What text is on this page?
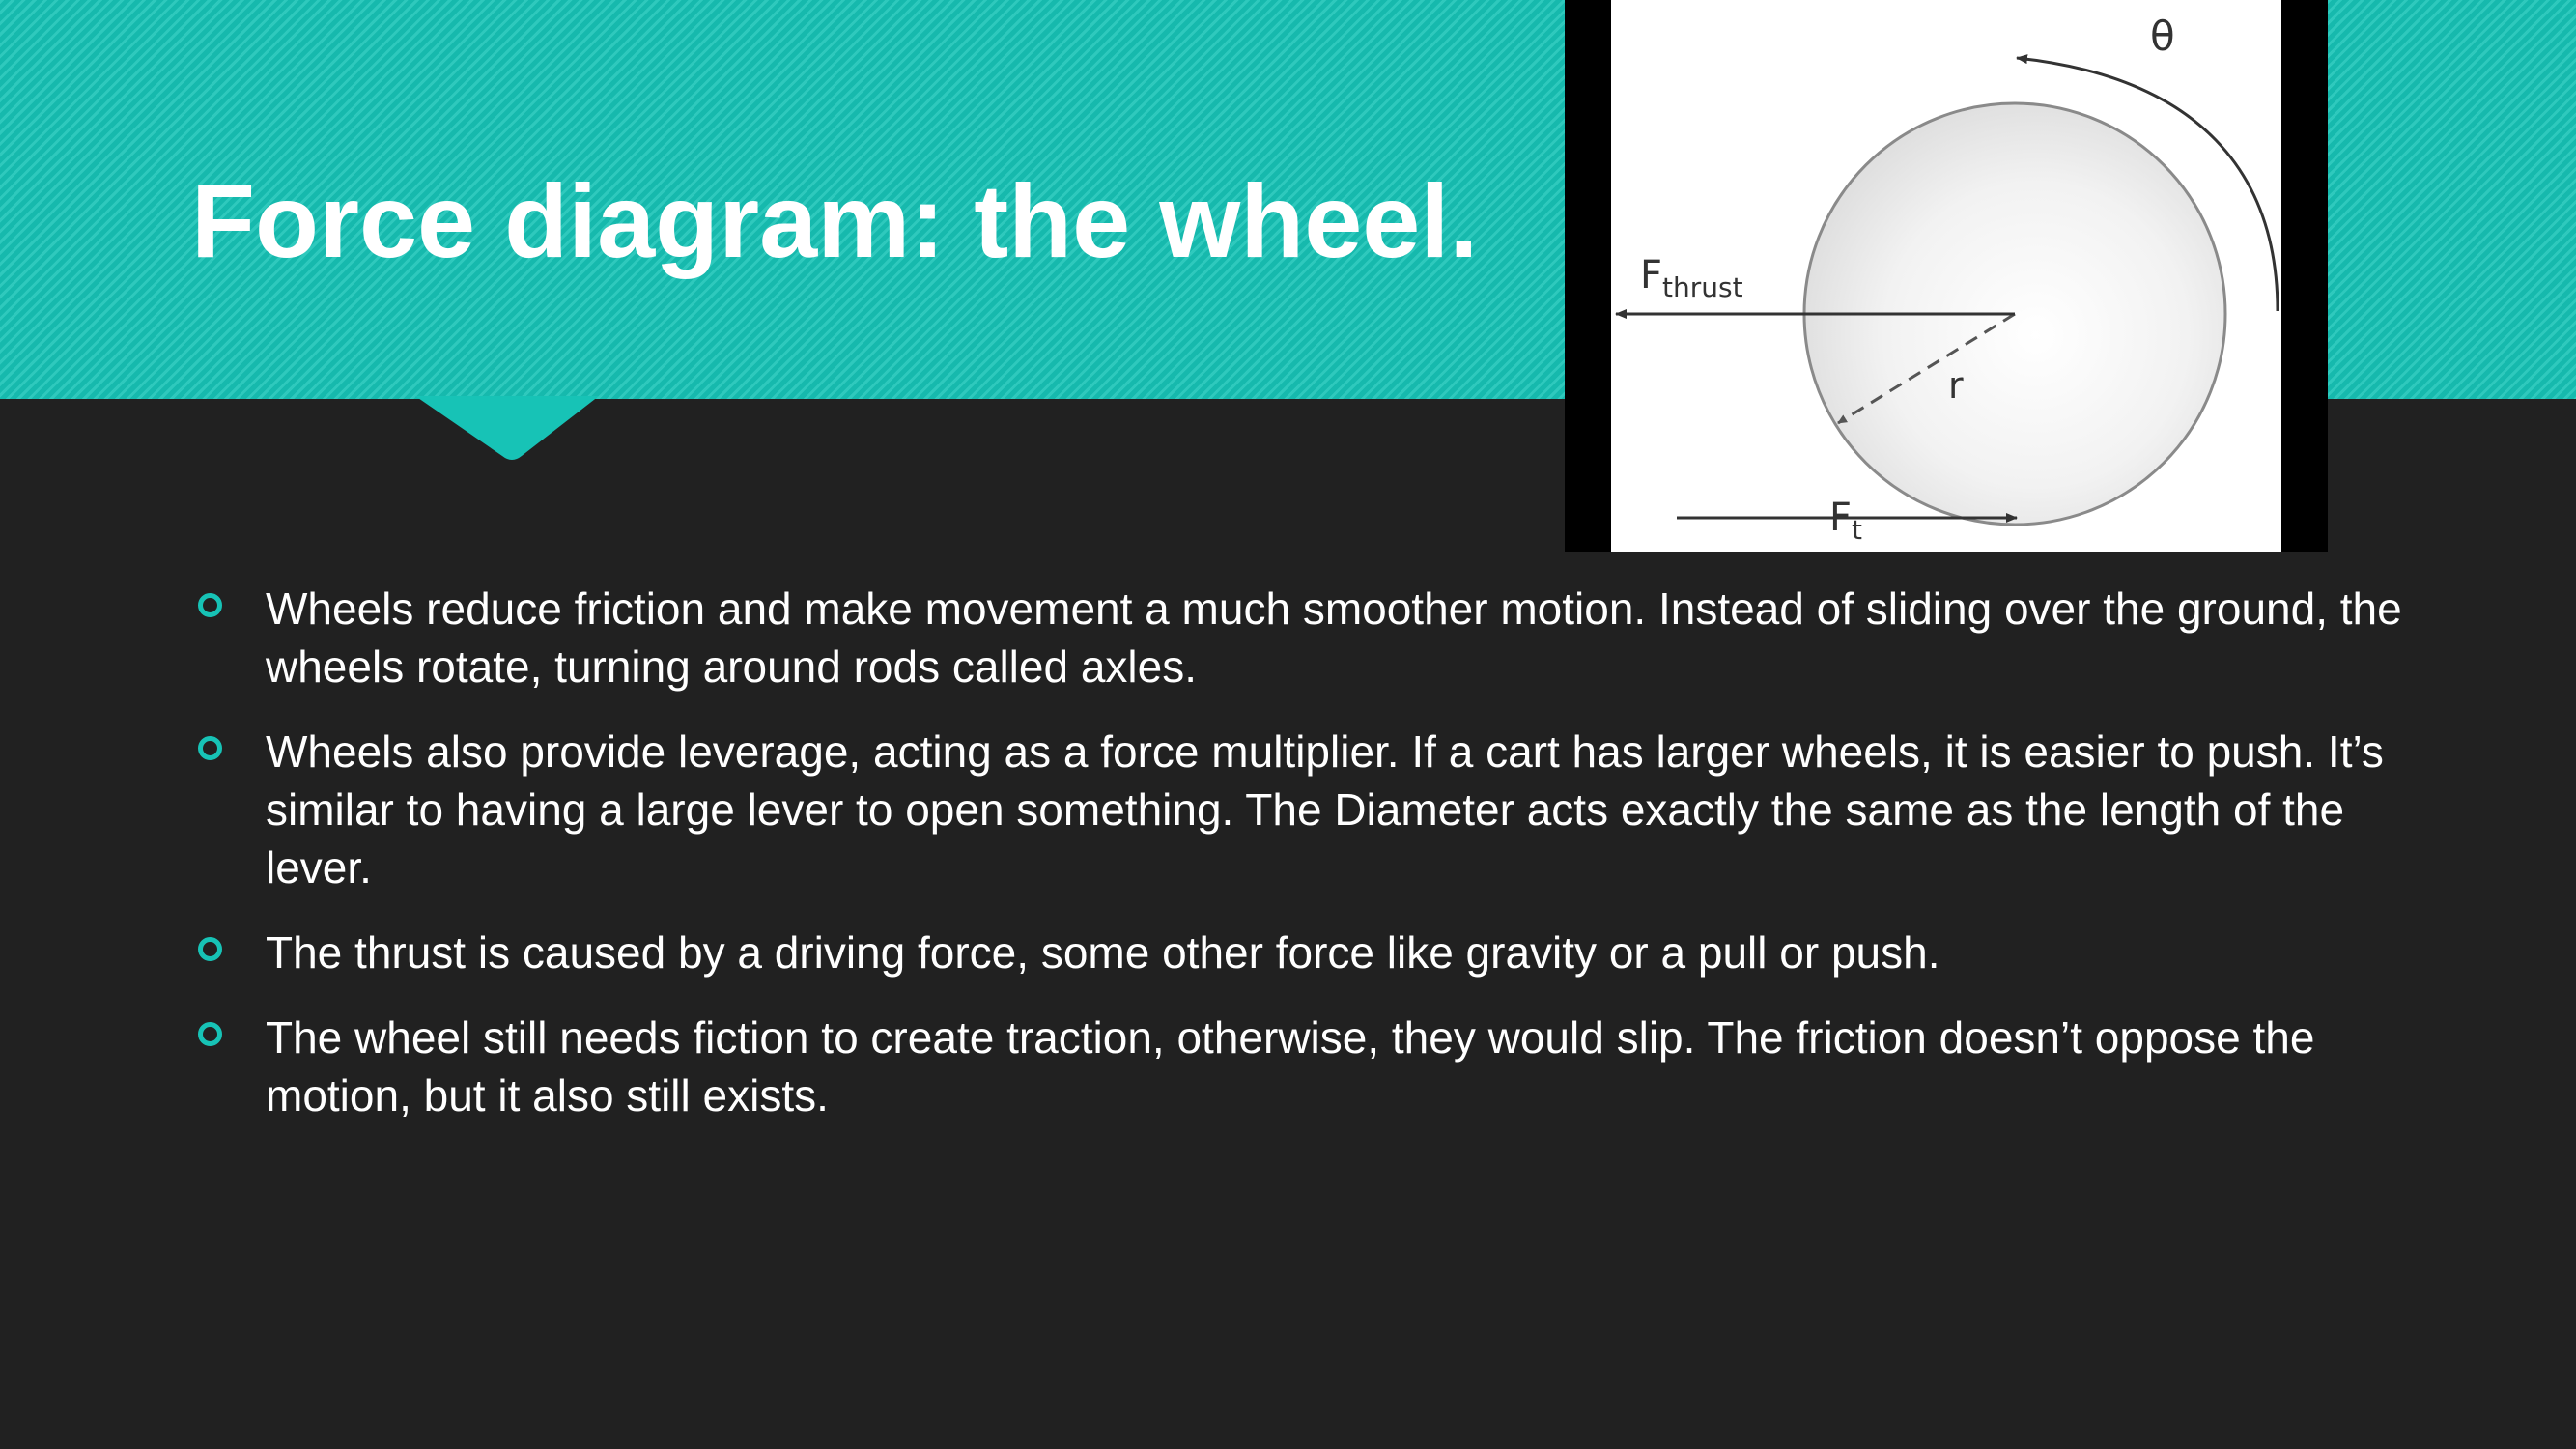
Force diagram: the wheel.
θ
Fthrust
r
Ft
Wheels reduce friction and make movement a much smoother motion. Instead of sliding over the ground, the wheels rotate, turning around rods called axles.
Wheels also provide leverage, acting as a force multiplier. If a cart has larger wheels, it is easier to push. It’s similar to having a large lever to open something. The Diameter acts exactly the same as the length of the lever.
The thrust is caused by a driving force, some other force like gravity or a pull or push.
The wheel still needs fiction to create traction, otherwise, they would slip. The friction doesn’t oppose the motion, but it also still exists.
